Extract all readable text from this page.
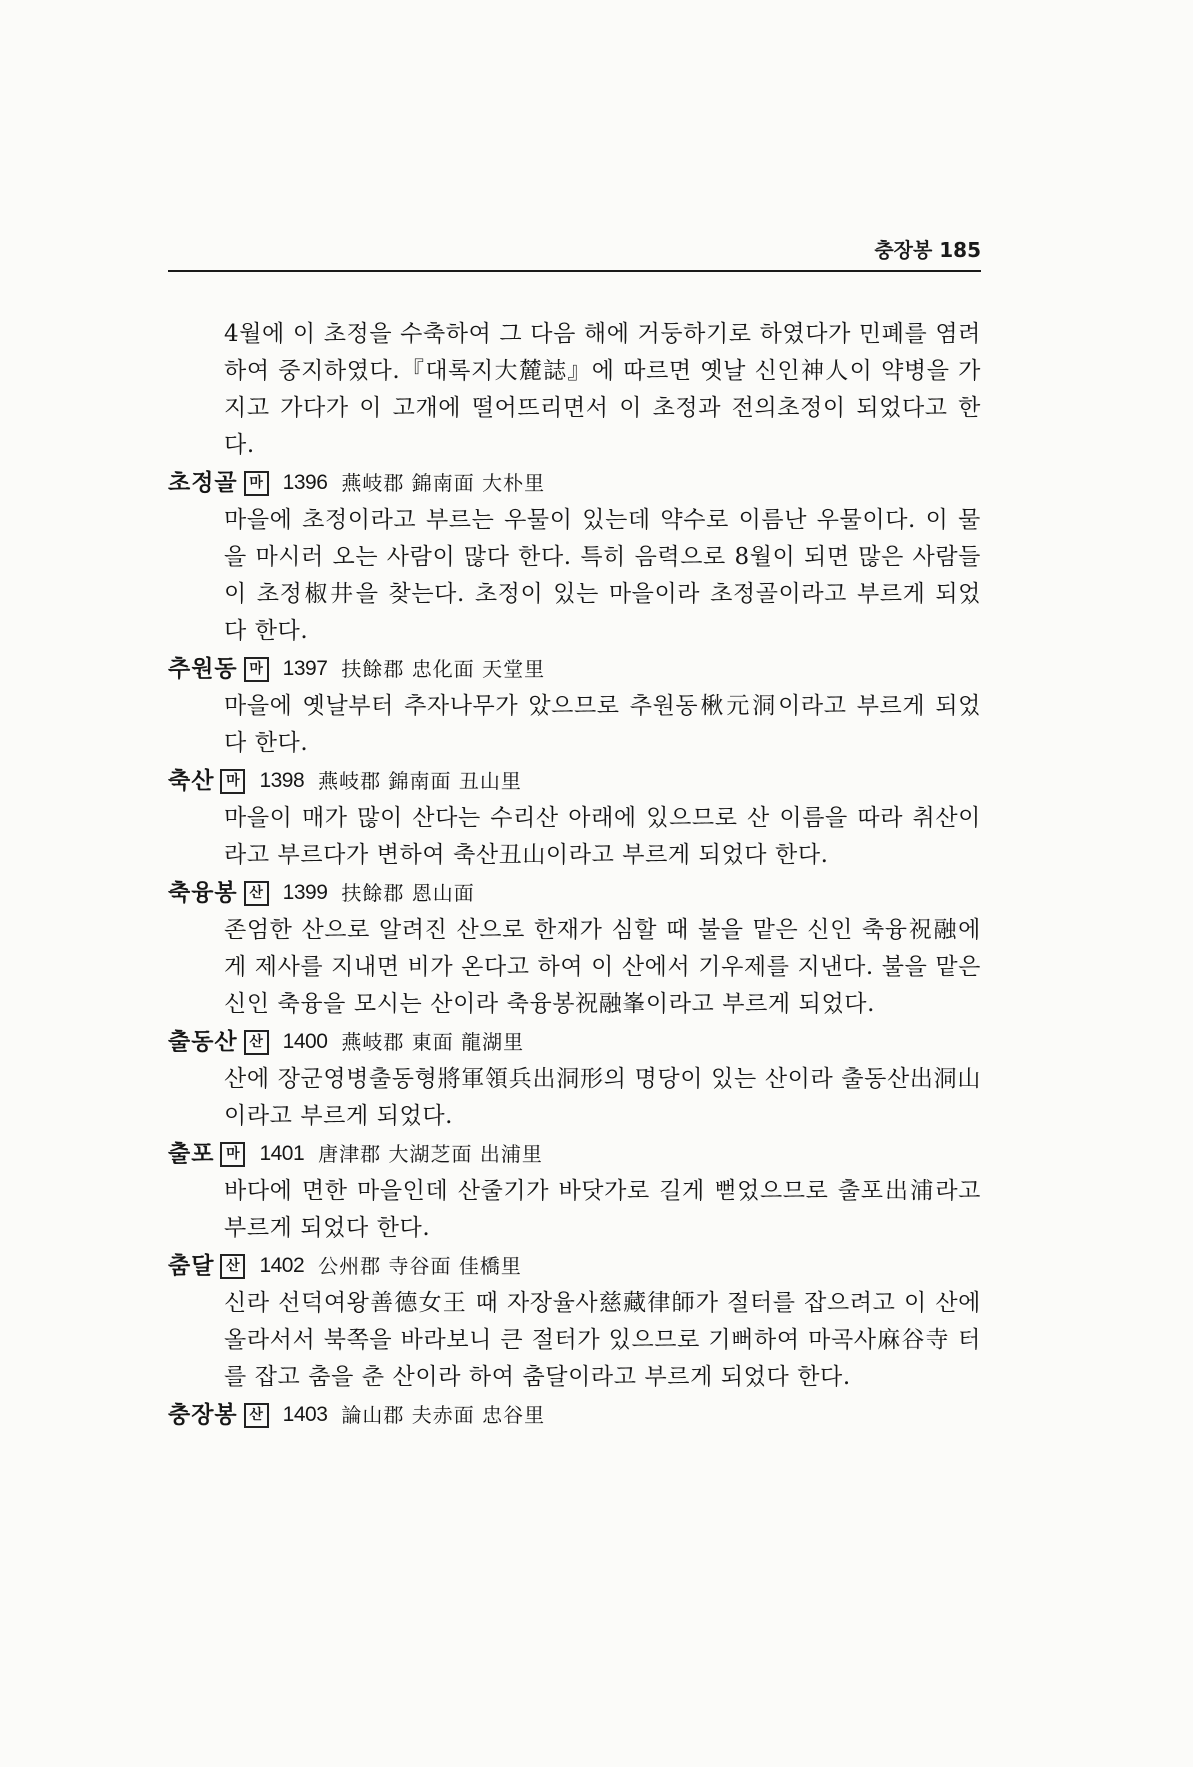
충장봉 185

4월에 이 초정을 수축하여 그 다음 해에 거둥하기로 하였다가 민폐를 염려하여 중지하였다.『대록지大麓誌』에 따르면 옛날 신인神人이 약병을 가지고 가다가 이 고개에 떨어뜨리면서 이 초정과 전의초정이 되었다고 한다.

초정골 마 1396 燕岐郡 錦南面 大朴里

마을에 초정이라고 부르는 우물이 있는데 약수로 이름난 우물이다. 이 물을 마시러 오는 사람이 많다 한다. 특히 음력으로 8월이 되면 많은 사람들이 초정椒井을 찾는다. 초정이 있는 마을이라 초정골이라고 부르게 되었다 한다.

추원동 마 1397 扶餘郡 忠化面 天堂里

마을에 옛날부터 추자나무가 았으므로 추원동楸元洞이라고 부르게 되었다 한다.

축산 마 1398 燕岐郡 錦南面 丑山里

마을이 매가 많이 산다는 수리산 아래에 있으므로 산 이름을 따라 취산이라고 부르다가 변하여 축산丑山이라고 부르게 되었다 한다.

축융봉 산 1399 扶餘郡 恩山面

존엄한 산으로 알려진 산으로 한재가 심할 때 불을 맡은 신인 축융祝融에게 제사를 지내면 비가 온다고 하여 이 산에서 기우제를 지낸다. 불을 맡은 신인 축융을 모시는 산이라 축융봉祝融峯이라고 부르게 되었다.

출동산 산 1400 燕岐郡 東面 龍湖里

산에 장군영병출동형將軍領兵出洞形의 명당이 있는 산이라 출동산出洞山이라고 부르게 되었다.

출포 마 1401 唐津郡 大湖芝面 出浦里

바다에 면한 마을인데 산줄기가 바닷가로 길게 뻗었으므로 출포出浦라고 부르게 되었다 한다.

춤달 산 1402 公州郡 寺谷面 佳橋里

신라 선덕여왕善德女王 때 자장율사慈藏律師가 절터를 잡으려고 이 산에 올라서서 북쪽을 바라보니 큰 절터가 있으므로 기뻐하여 마곡사麻谷寺 터를 잡고 춤을 춘 산이라 하여 춤달이라고 부르게 되었다 한다.

충장봉 산 1403 論山郡 夫赤面 忠谷里
